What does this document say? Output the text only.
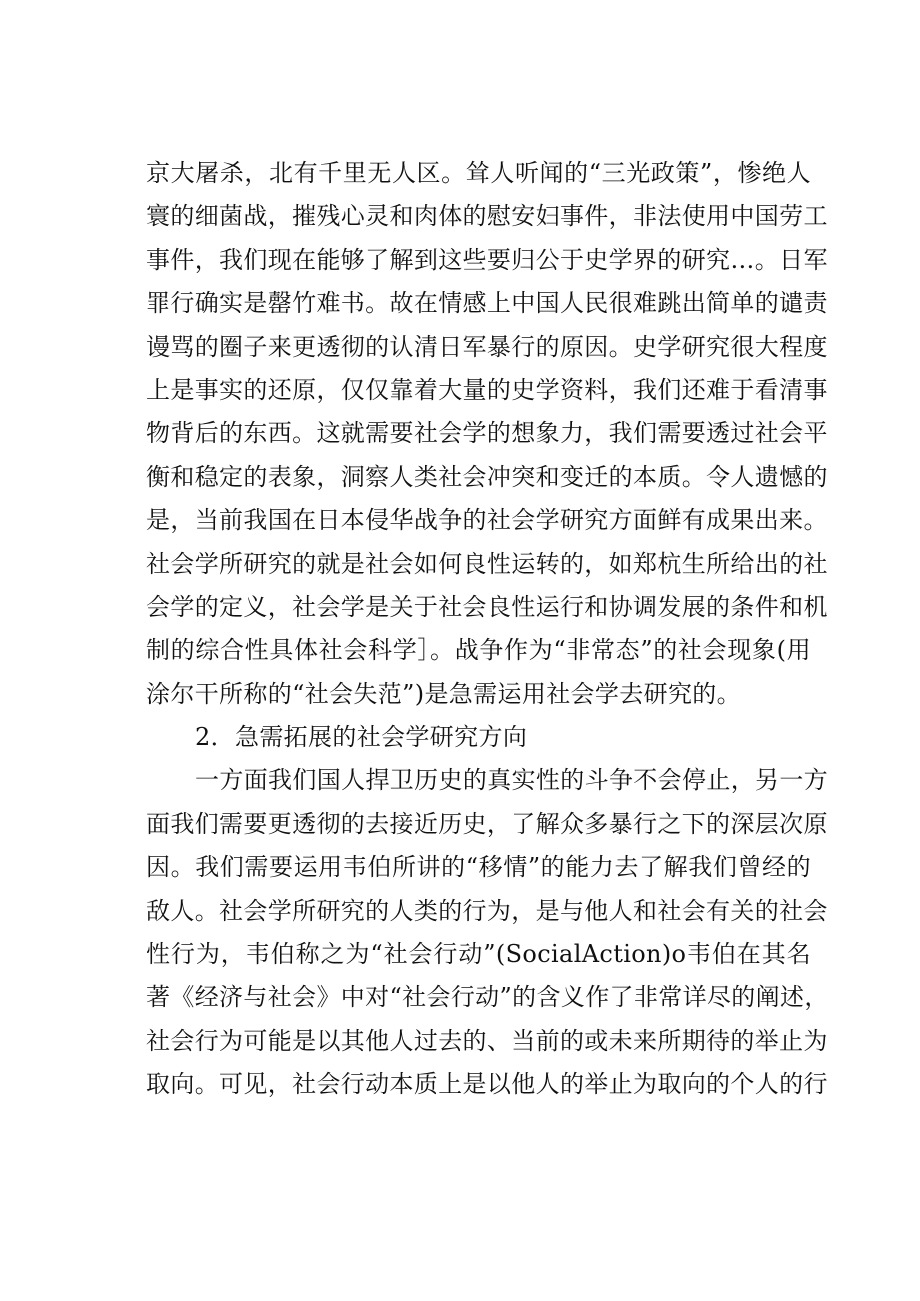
京大屠杀，北有千里无人区。耸人听闻的“三光政策”，惨绝人
寰的细菌战，摧残心灵和肉体的慰安妇事件，非法使用中国劳工
事件，我们现在能够了解到这些要归公于史学界的研究…。日军
罪行确实是罄竹难书。故在情感上中国人民很难跳出简单的谴责
谩骂的圈子来更透彻的认清日军暴行的原因。史学研究很大程度
上是事实的还原，仅仅靠着大量的史学资料，我们还难于看清事
物背后的东西。这就需要社会学的想象力，我们需要透过社会平
衡和稳定的表象，洞察人类社会冲突和变迁的本质。令人遗憾的
是，当前我国在日本侵华战争的社会学研究方面鲜有成果出来。
社会学所研究的就是社会如何良性运转的，如郑杭生所给出的社
会学的定义，社会学是关于社会良性运行和协调发展的条件和机
制的综合性具体社会科学］。战争作为“非常态”的社会现象(用
涂尔干所称的“社会失范”)是急需运用社会学去研究的。
2．急需拓展的社会学研究方向
一方面我们国人捍卫历史的真实性的斗争不会停止，另一方
面我们需要更透彻的去接近历史，了解众多暴行之下的深层次原
因。我们需要运用韦伯所讲的“移情”的能力去了解我们曾经的
敌人。社会学所研究的人类的行为，是与他人和社会有关的社会
性行为，韦伯称之为“社会行动”(SocialAction)o韦伯在其名
著《经济与社会》中对“社会行动”的含义作了非常详尽的阐述，
社会行为可能是以其他人过去的、当前的或未来所期待的举止为
取向。可见，社会行动本质上是以他人的举止为取向的个人的行
